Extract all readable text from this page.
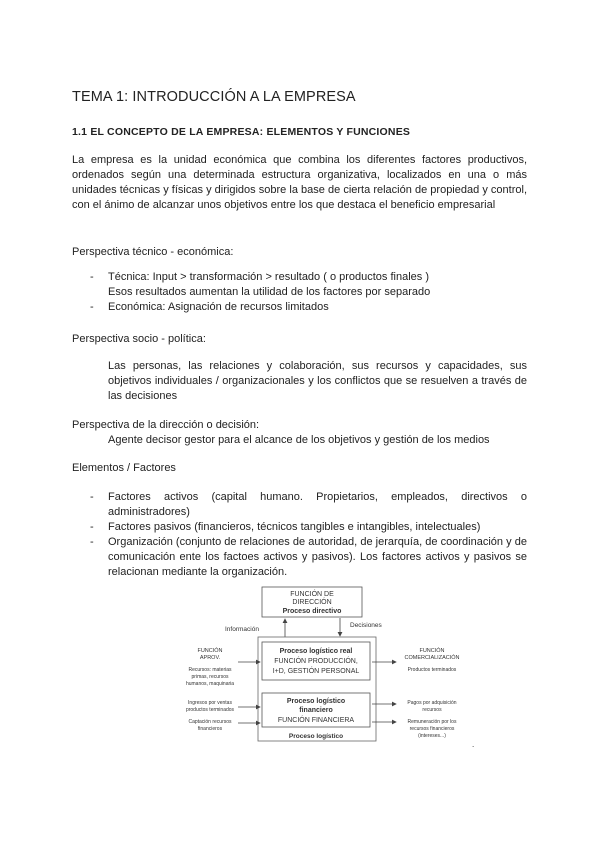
TEMA 1: INTRODUCCIÓN A LA EMPRESA
1.1 EL CONCEPTO DE LA EMPRESA: ELEMENTOS Y FUNCIONES

La empresa es la unidad económica que combina los diferentes factores productivos, ordenados según una determinada estructura organizativa, localizados en una o más unidades técnicas y físicas y dirigidos sobre la base de cierta relación de propiedad y control, con el ánimo de alcanzar unos objetivos entre los que destaca el beneficio empresarial

Perspectiva técnico - económica:

- Técnica: Input > transformación > resultado ( o productos finales )
Esos resultados aumentan la utilidad de los factores por separado
- Económica: Asignación de recursos limitados

Perspectiva socio - política:

Las personas, las relaciones y colaboración, sus recursos y capacidades, sus objetivos individuales / organizacionales y los conflictos que se resuelven a través de las decisiones

Perspectiva de la dirección o decisión:

Agente decisor gestor para el alcance de los objetivos y gestión de los medios

Elementos / Factores

- Factores activos (capital humano. Propietarios, empleados, directivos o administradores)
- Factores pasivos (financieros, técnicos tangibles e intangibles, intelectuales)
- Organización (conjunto de relaciones de autoridad, de jerarquía, de coordinación y de comunicación ente los factoes activos y pasivos). Los factores activos y pasivos se relacionan mediante la organización.
FUNCIÓN DE
DIRECCIÓN
Proceso directivo
Información
Decisiones
Proceso logístico real
FUNCIÓN PRODUCCIÓN,
I+D, GESTIÓN PERSONAL
Proceso logístico
financiero
FUNCIÓN FINANCIERA
Proceso logístico
FUNCIÓN
APROV.
Recursos: materias
primas, recursos
humanos, maquinaria
Ingresos por ventas
productos terminados
Captación recursos
financieros
FUNCIÓN
COMERCIALIZACIÓN
Productos terminados
Pagos por adquisición
recursos
Remuneración por los
recursos financieros
(intereses...)
.
